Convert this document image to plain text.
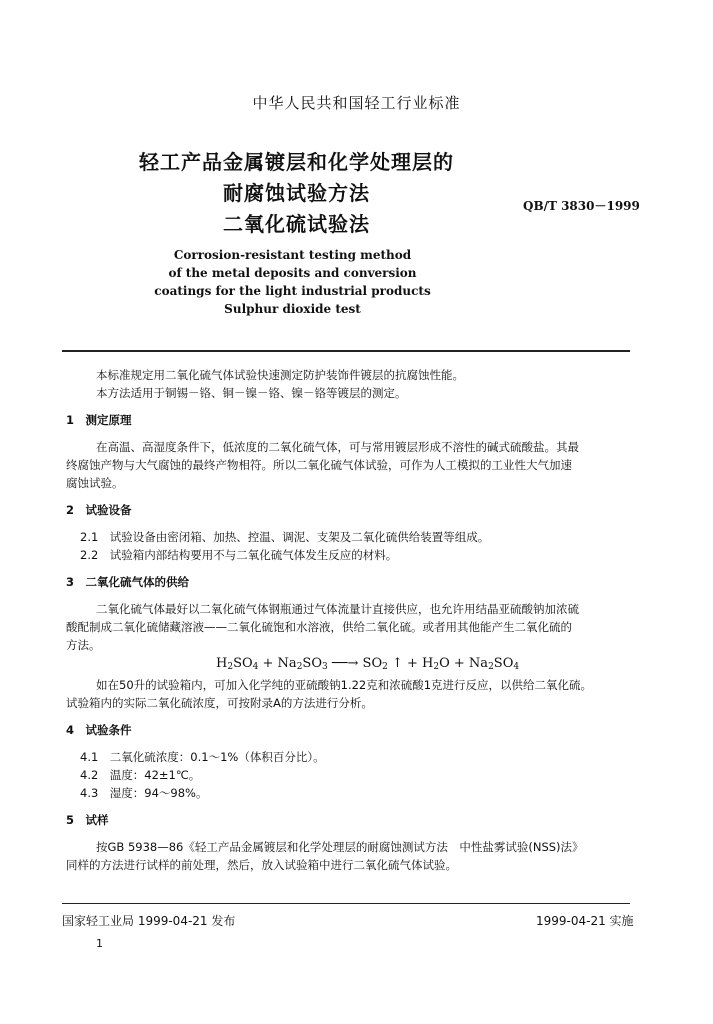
中华人民共和国轻工行业标准
轻工产品金属镀层和化学处理层的
耐腐蚀试验方法
二氧化硫试验法
QB/T 3830－1999
Corrosion-resistant testing method
of the metal deposits and conversion
coatings for the light industrial products
Sulphur dioxide test
本标准规定用二氧化硫气体试验快速测定防护装饰件镀层的抗腐蚀性能。
本方法适用于铜锡－铬、铜－镍－铬、镍－铬等镀层的测定。
1　测定原理
在高温、高湿度条件下，低浓度的二氧化硫气体，可与常用镀层形成不溶性的碱式硫酸盐。其最
终腐蚀产物与大气腐蚀的最终产物相符。所以二氧化硫气体试验，可作为人工模拟的工业性大气加速
腐蚀试验。
2　试验设备
2.1　试验设备由密闭箱、加热、控温、调泥、支架及二氧化硫供给装置等组成。
2.2　试验箱内部结构要用不与二氧化硫气体发生反应的材料。
3　二氧化硫气体的供给
二氧化硫气体最好以二氧化硫气体钢瓶通过气体流量计直接供应，也允许用结晶亚硫酸钠加浓硫
酸配制成二氧化硫储藏溶液——二氧化硫饱和水溶液，供给二氧化硫。或者用其他能产生二氧化硫的
方法。
$H_2SO_4 + Na_2SO_3$ ──→ $SO_2$ ↑ + $H_2O + Na_2SO_4$
如在50升的试验箱内，可加入化学纯的亚硫酸钠1.22克和浓硫酸1克进行反应，以供给二氧化硫。
试验箱内的实际二氧化硫浓度，可按附录A的方法进行分析。
4　试验条件
4.1　二氧化硫浓度：0.1～1%（体积百分比）。
4.2　温度：42±1℃。
4.3　湿度：94～98%。
5　试样
按GB 5938—86《轻工产品金属镀层和化学处理层的耐腐蚀测试方法　中性盐雾试验(NSS)法》
同样的方法进行试样的前处理，然后，放入试验箱中进行二氧化硫气体试验。
国家轻工业局 1999-04-21 发布	1999-04-21 实施
1
